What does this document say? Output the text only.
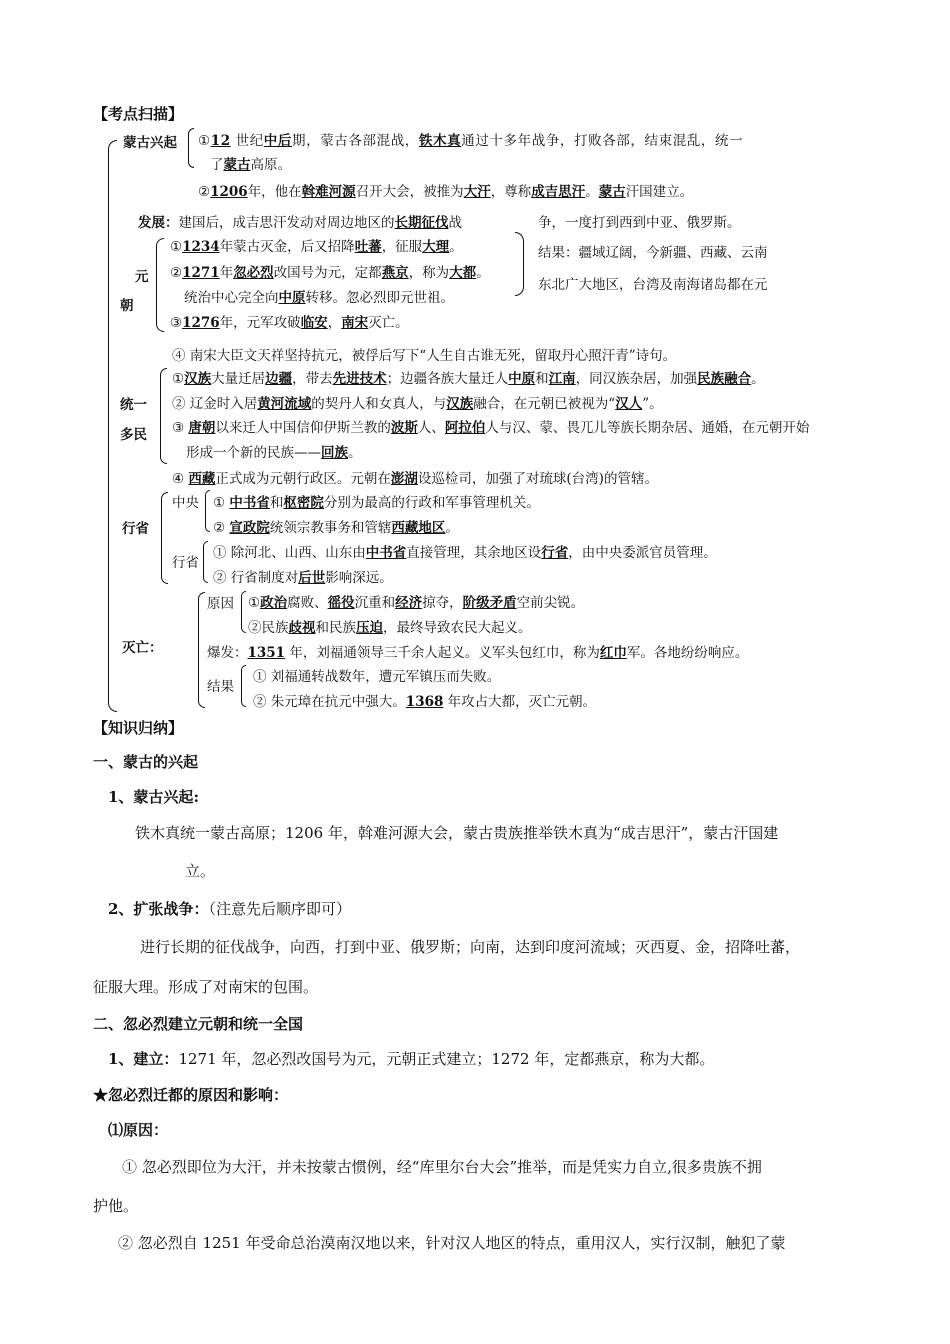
【考点扫描】
蒙古兴起 ①12 世纪中后期，蒙古各部混战，铁木真通过十多年战争，打败各部，结束混乱，统一
了蒙古高原。
②1206年，他在斡难河源召开大会，被推为大汗，尊称成吉思汗。蒙古汗国建立。
发展：建国后，成吉思汗发动对周边地区的长期征伐战	争，一度打到西到中亚、俄罗斯。
元
朝
①1234年蒙古灭金，后又招降吐蕃，征服大理。
②1271年忽必烈改国号为元，定都燕京，称为大都。
统治中心完全向中原转移。忽必烈即元世祖。
③1276年，元军攻破临安，南宋灭亡。
结果：疆域辽阔，今新疆、西藏、云南
东北广大地区，台湾及南海诸岛都在元
④ 南宋大臣文天祥坚持抗元，被俘后写下“人生自古谁无死，留取丹心照汗青”诗句。
统一
多民
①汉族大量迁居边疆，带去先进技术；边疆各族大量迁人中原和江南，同汉族杂居，加强民族融合。
② 辽金时入居黄河流域的契丹人和女真人，与汉族融合，在元朝已被视为“汉人”。
③ 唐朝以来迁人中国信仰伊斯兰教的波斯人、阿拉伯人与汉、蒙、畏兀儿等族长期杂居、通婚，在元朝开始
形成一个新的民族——回族。
④ 西藏正式成为元朝行政区。元朝在澎湖设巡检司，加强了对琉球(台湾)的管辖。
行省
中央 ① 中书省和枢密院分别为最高的行政和军事管理机关。
② 宣政院统领宗教事务和管辖西藏地区。
行省
① 除河北、山西、山东由中书省直接管理，其余地区设行省，由中央委派官员管理。
② 行省制度对后世影响深远。
灭亡：
原因 ①政治腐败、徭役沉重和经济掠夺，阶级矛盾空前尖锐。
②民族歧视和民族压迫，最终导致农民大起义。
爆发：1351 年，刘福通领导三千余人起义。义军头包红巾，称为红巾军。各地纷纷响应。
结果
① 刘福通转战数年，遭元军镇压而失败。
② 朱元璋在抗元中强大。1368 年攻占大都，灭亡元朝。
【知识归纳】
一、蒙古的兴起
1、蒙古兴起:
铁木真统一蒙古高原；1206 年，斡难河源大会，蒙古贵族推举铁木真为“成吉思汗”，蒙古汗国建
立。
2、扩张战争：（注意先后顺序即可）
进行长期的征伐战争，向西，打到中亚、俄罗斯；向南，达到印度河流域；灭西夏、金，招降吐蕃，
征服大理。形成了对南宋的包围。
二、忽必烈建立元朝和统一全国
1、建立：1271 年，忽必烈改国号为元，元朝正式建立；1272 年，定都燕京，称为大都。
★忽必烈迁都的原因和影响：
⑴原因：
① 忽必烈即位为大汗，并未按蒙古惯例，经“库里尔台大会”推举，而是凭实力自立,很多贵族不拥
护他。
② 忽必烈自 1251 年受命总治漠南汉地以来，针对汉人地区的特点，重用汉人，实行汉制，触犯了蒙
